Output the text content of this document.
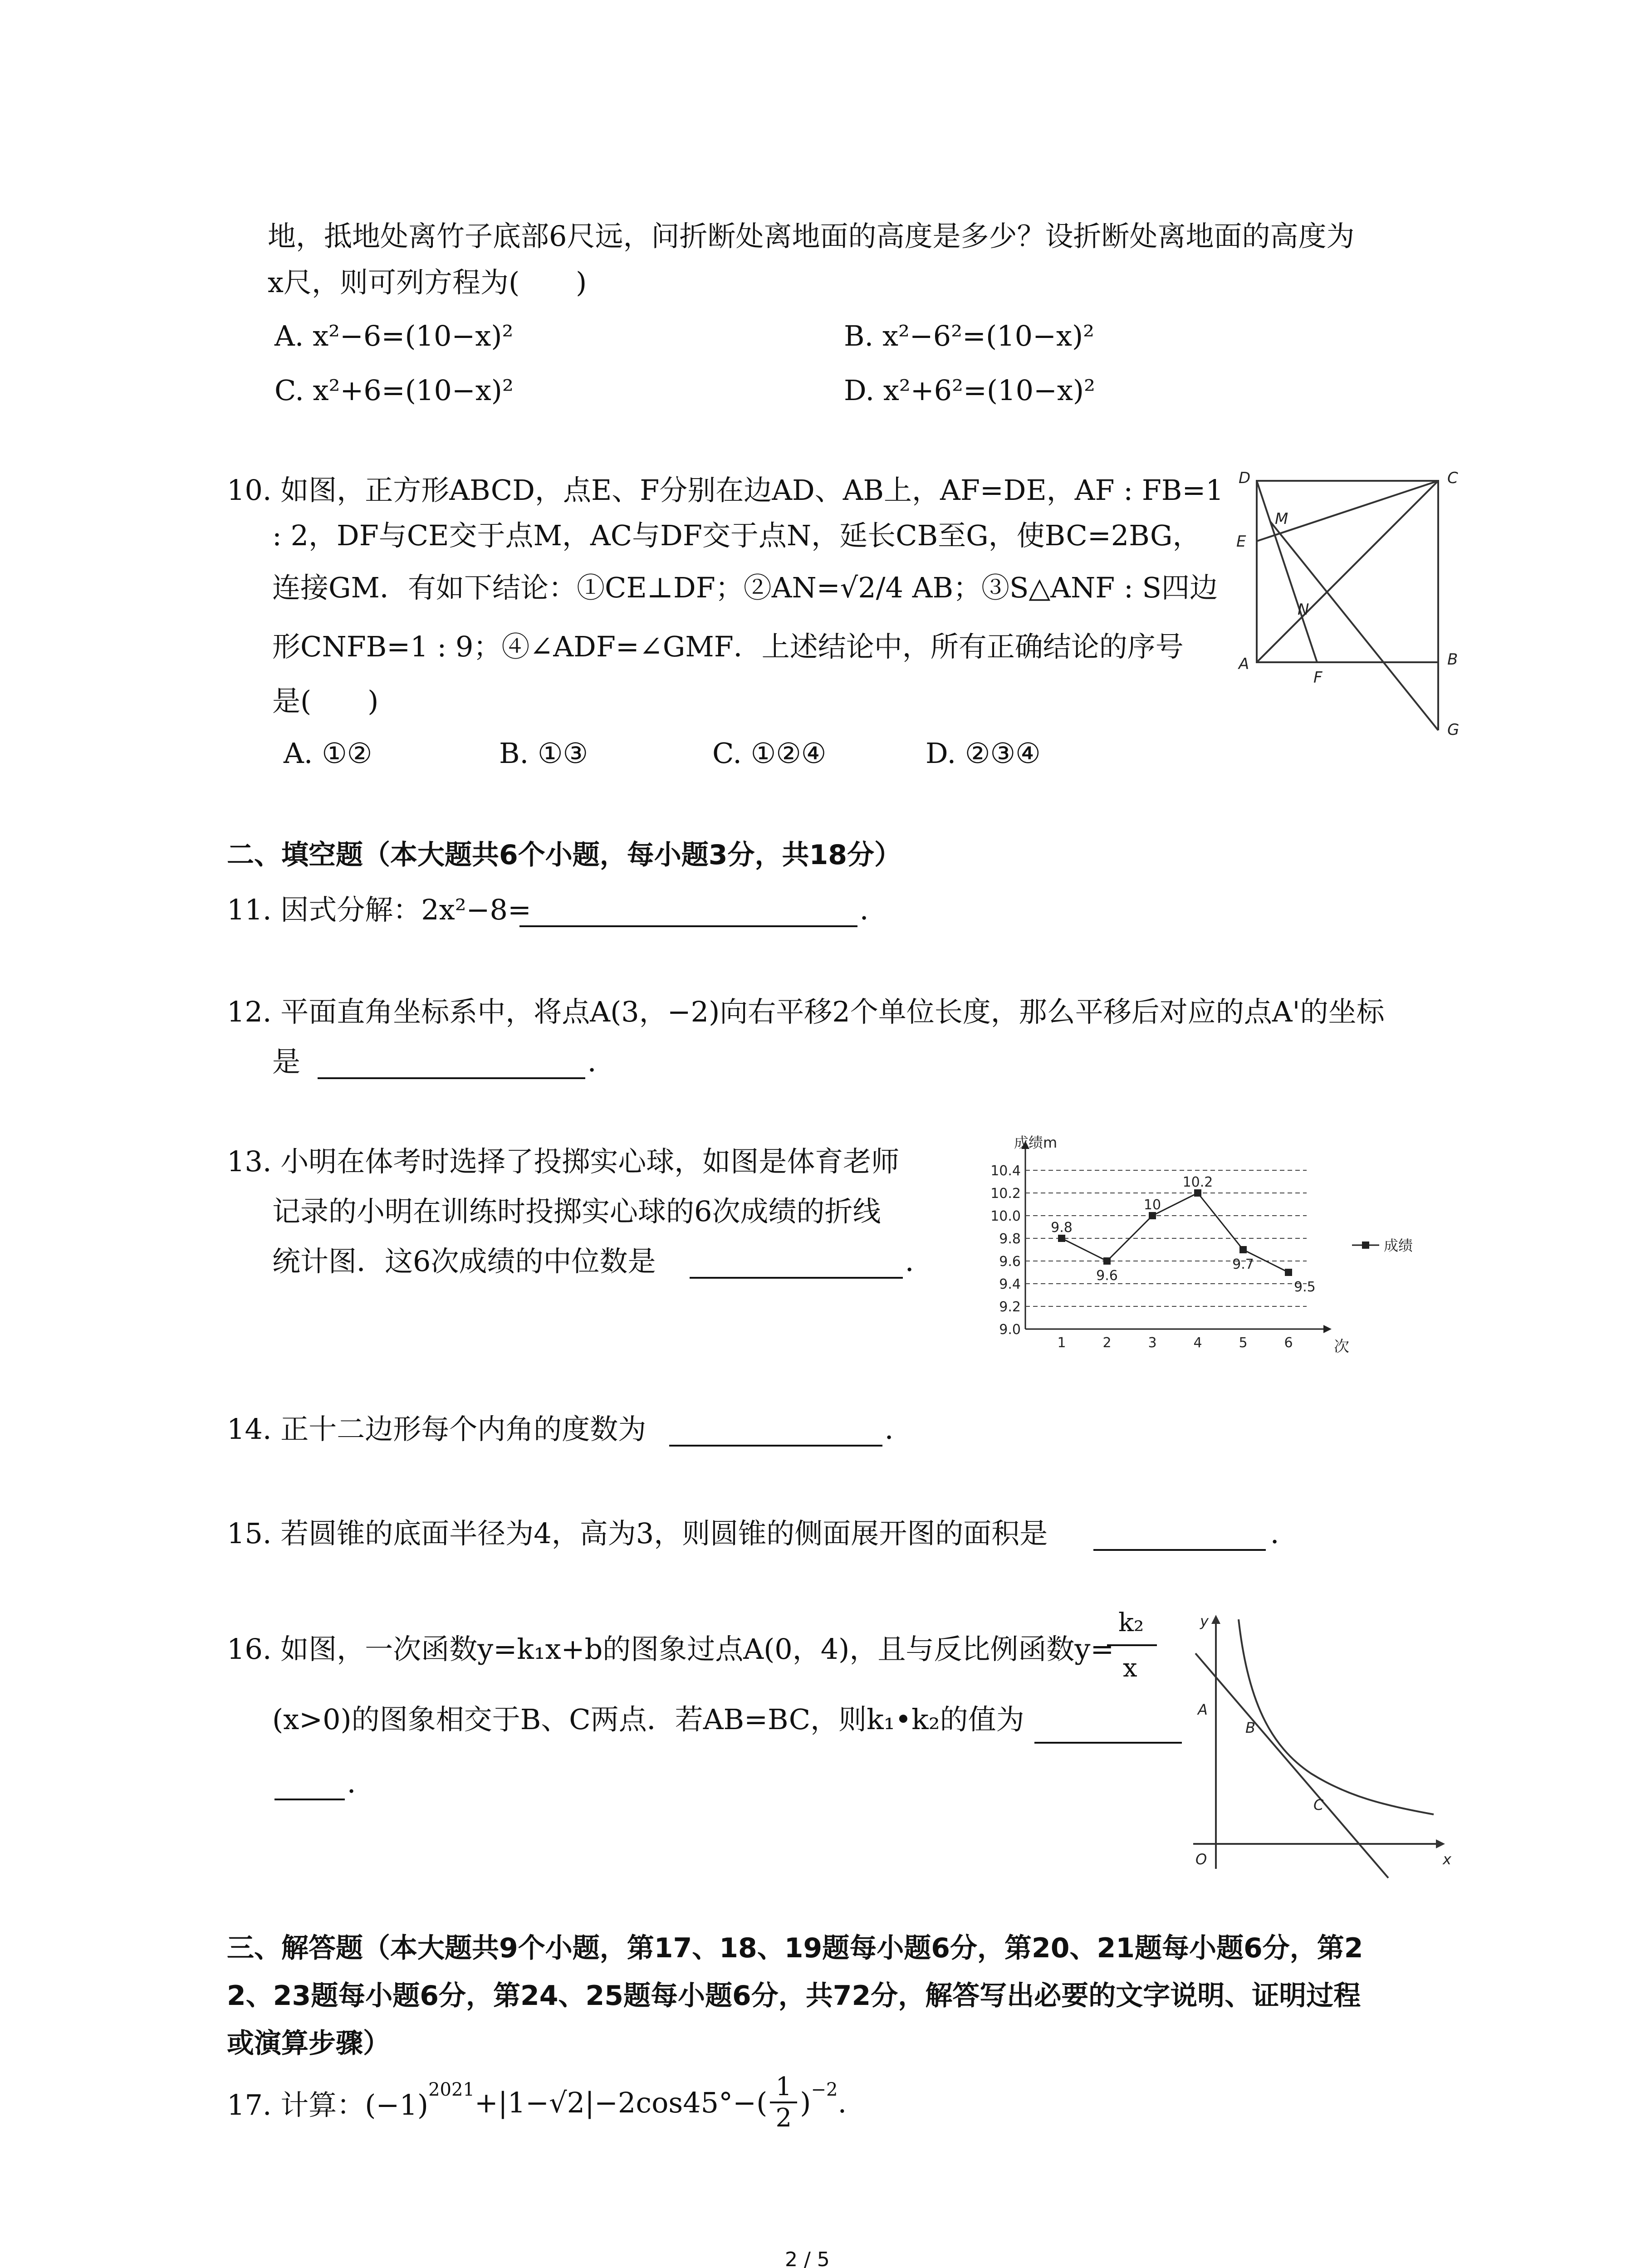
地，抵地处离竹子底部6尺远，问折断处离地面的高度是多少？设折断处离地面的高度为
x尺，则可列方程为(　　)
A. x²−6=(10−x)²	B. x²−6²=(10−x)²
C. x²+6=(10−x)²	D. x²+6²=(10−x)²
10. 如图，正方形ABCD，点E、F分别在边AD、AB上，AF=DE，AF : FB=1
: 2，DF与CE交于点M，AC与DF交于点N，延长CB至G，使BC=2BG，
连接GM．有如下结论：①CE⊥DF；②AN=√2/4 AB；③S△ANF : S四边
形CNFB=1 : 9；④∠ADF=∠GMF．上述结论中，所有正确结论的序号
是(　　)
A. ①②	B. ①③	C. ①②④	D. ②③④
D	C
E
M
N
A
F
B
G
二、填空题（本大题共6个小题，每小题3分，共18分）
11. 因式分解：2x²−8=	．
12. 平面直角坐标系中，将点A(3，−2)向右平移2个单位长度，那么平移后对应的点A'的坐标
是	．
13. 小明在体考时选择了投掷实心球，如图是体育老师
记录的小明在训练时投掷实心球的6次成绩的折线
统计图．这6次成绩的中位数是	．
9.0
9.2
9.4
9.6
9.8
10.0
10.2
10.4
1	2	3	4	5	6
9.8
9.6
10
10.2
9.7
9.5
成绩m
次
成绩
14. 正十二边形每个内角的度数为	．
15. 若圆锥的底面半径为4，高为3，则圆锥的侧面展开图的面积是	．
16. 如图，一次函数y=k₁x+b的图象过点A(0，4)，且与反比例函数y=
k₂
x
(x>0)的图象相交于B、C两点．若AB=BC，则k₁•k₂的值为
．
y
A
B
C
O	x
三、解答题（本大题共9个小题，第17、18、19题每小题6分，第20、21题每小题6分，第2
2、23题每小题6分，第24、25题每小题6分，共72分，解答写出必要的文字说明、证明过程
或演算步骤）
17. 计算：(−1) 2021 +|1−√2|−2cos45°−( 1
2 ) −2 .
2 / 5
